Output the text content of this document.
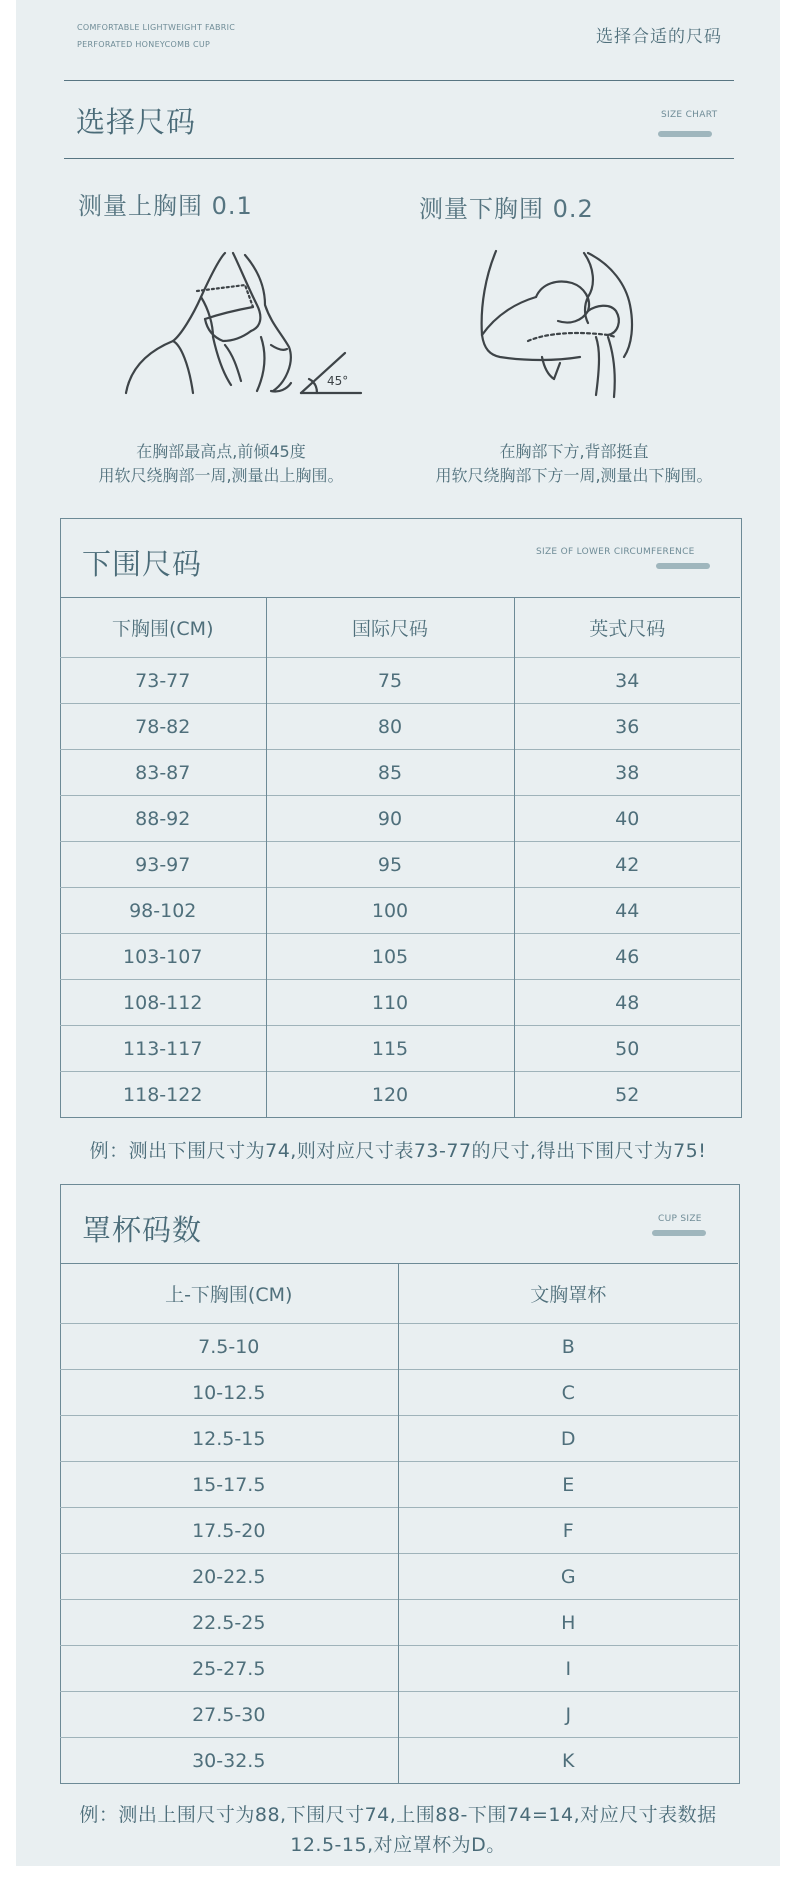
COMFORTABLE LIGHTWEIGHT FABRIC
PERFORATED HONEYCOMB CUP	选择合适的尺码
选择尺码	SIZE CHART
测量上胸围 0.1	测量下胸围 0.2
45°
在胸部最高点,前倾45度
用软尺绕胸部一周,测量出上胸围。
在胸部下方,背部挺直
用软尺绕胸部下方一周,测量出下胸围。
下围尺码	SIZE OF LOWER CIRCUMFERENCE
下胸围(CM)	国际尺码	英式尺码
73-77	75	34
78-82	80	36
83-87	85	38
88-92	90	40
93-97	95	42
98-102	100	44
103-107	105	46
108-112	110	48
113-117	115	50
118-122	120	52
例：测出下围尺寸为74,则对应尺寸表73-77的尺寸,得出下围尺寸为75!
罩杯码数	CUP SIZE
上-下胸围(CM)	文胸罩杯
7.5-10	B
10-12.5	C
12.5-15	D
15-17.5	E
17.5-20	F
20-22.5	G
22.5-25	H
25-27.5	I
27.5-30	J
30-32.5	K
例：测出上围尺寸为88,下围尺寸74,上围88-下围74=14,对应尺寸表数据
12.5-15,对应罩杯为D。
